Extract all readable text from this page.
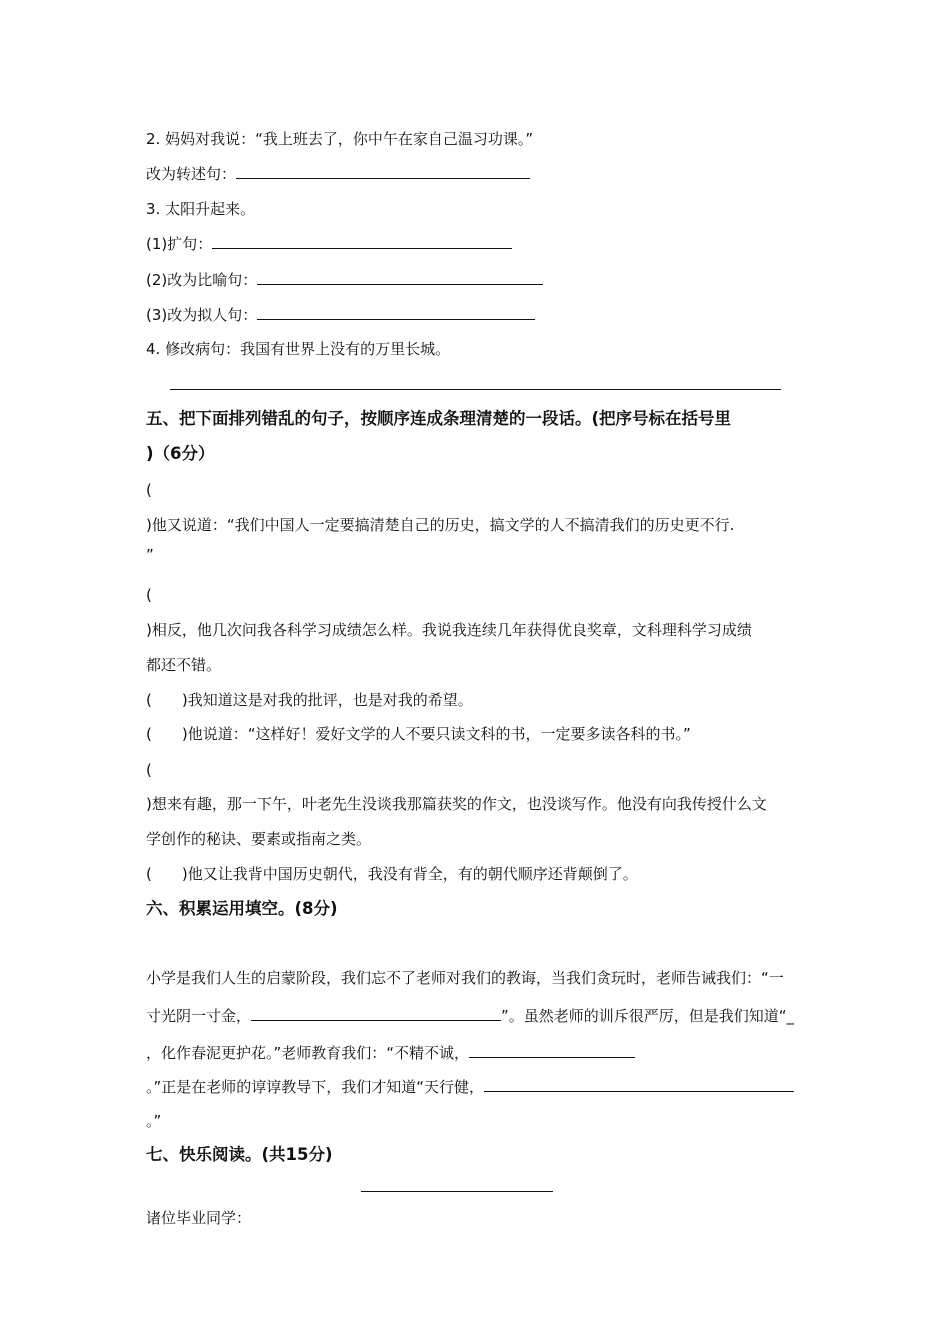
2. 妈妈对我说：“我上班去了，你中午在家自己温习功课。”

改为转述句：

3. 太阳升起来。

(1)扩句：

(2)改为比喻句：

(3)改为拟人句：

4. 修改病句：我国有世界上没有的万里长城。

五、把下面排列错乱的句子，按顺序连成条理清楚的一段话。(把序号标在括号里

)（6分）

(

)他又说道：“我们中国人一定要搞清楚自己的历史，搞文学的人不搞清我们的历史更不行.

”

(

)相反，他几次问我各科学习成绩怎么样。我说我连续几年获得优良奖章，文科理科学习成绩

都还不错。

( )我知道这是对我的批评，也是对我的希望。

( )他说道：“这样好！爱好文学的人不要只读文科的书，一定要多读各科的书。”

(

)想来有趣，那一下午，叶老先生没谈我那篇获奖的作文，也没谈写作。他没有向我传授什么文

学创作的秘诀、要素或指南之类。

( )他又让我背中国历史朝代，我没有背全，有的朝代顺序还背颠倒了。

六、积累运用填空。(8分)

小学是我们人生的启蒙阶段，我们忘不了老师对我们的教诲，当我们贪玩时，老师告诫我们：“一

寸光阴一寸金，	”。虽然老师的训斥很严厉，但是我们知道“_

，化作春泥更护花。”老师教育我们：“不精不诚，

。”正是在老师的谆谆教导下，我们才知道“天行健，

。”

七、快乐阅读。(共15分)

诸位毕业同学：
